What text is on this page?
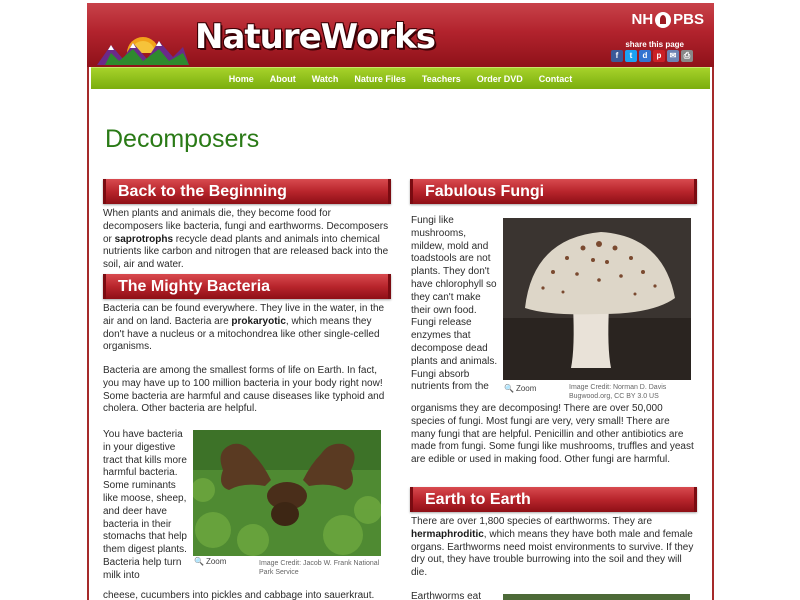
NatureWorks	NH PBS
share this page
f	t	d	p	✉ ⎙
Home	About	Watch	Nature Files	Teachers	Order DVD	Contact
Decomposers
Back to the Beginning
When plants and animals die, they become food for decomposers like bacteria, fungi and earthworms. Decomposers or saprotrophs recycle dead plants and animals into chemical nutrients like carbon and nitrogen that are released back into the soil, air and water.
The Mighty Bacteria
Bacteria can be found everywhere. They live in the water, in the air and on land. Bacteria are prokaryotic, which means they don't have a nucleus or a mitochondrea like other single-celled organisms.
Bacteria are among the smallest forms of life on Earth. In fact, you may have up to 100 million bacteria in your body right now! Some bacteria are harmful and cause diseases like typhoid and cholera. Other bacteria are helpful.
You have bacteria in your digestive tract that kills more harmful bacteria. Some ruminants like moose, sheep, and deer have bacteria in their stomachs that help them digest plants. Bacteria help turn milk into
cheese, cucumbers into pickles and cabbage into sauerkraut.
🔍 Zoom	Image Credit: Jacob W. Frank National Park Service
Fabulous Fungi
Fungi like mushrooms, mildew, mold and toadstools are not plants. They don't have chlorophyll so they can't make their own food. Fungi release enzymes that decompose dead plants and animals. Fungi absorb nutrients from the
organisms they are decomposing! There are over 50,000 species of fungi. Most fungi are very, very small! There are many fungi that are helpful. Penicillin and other antibiotics are made from fungi. Some fungi like mushrooms, truffles and yeast are edible or used in making food. Other fungi are harmful.
🔍 Zoom	Image Credit: Norman D. Davis Bugwood.org, CC BY 3.0 US
Earth to Earth
There are over 1,800 species of earthworms. They are hermaphroditic, which means they have both male and female organs. Earthworms need moist environments to survive. If they dry out, they have trouble burrowing into the soil and they will die.
Earthworms eat
